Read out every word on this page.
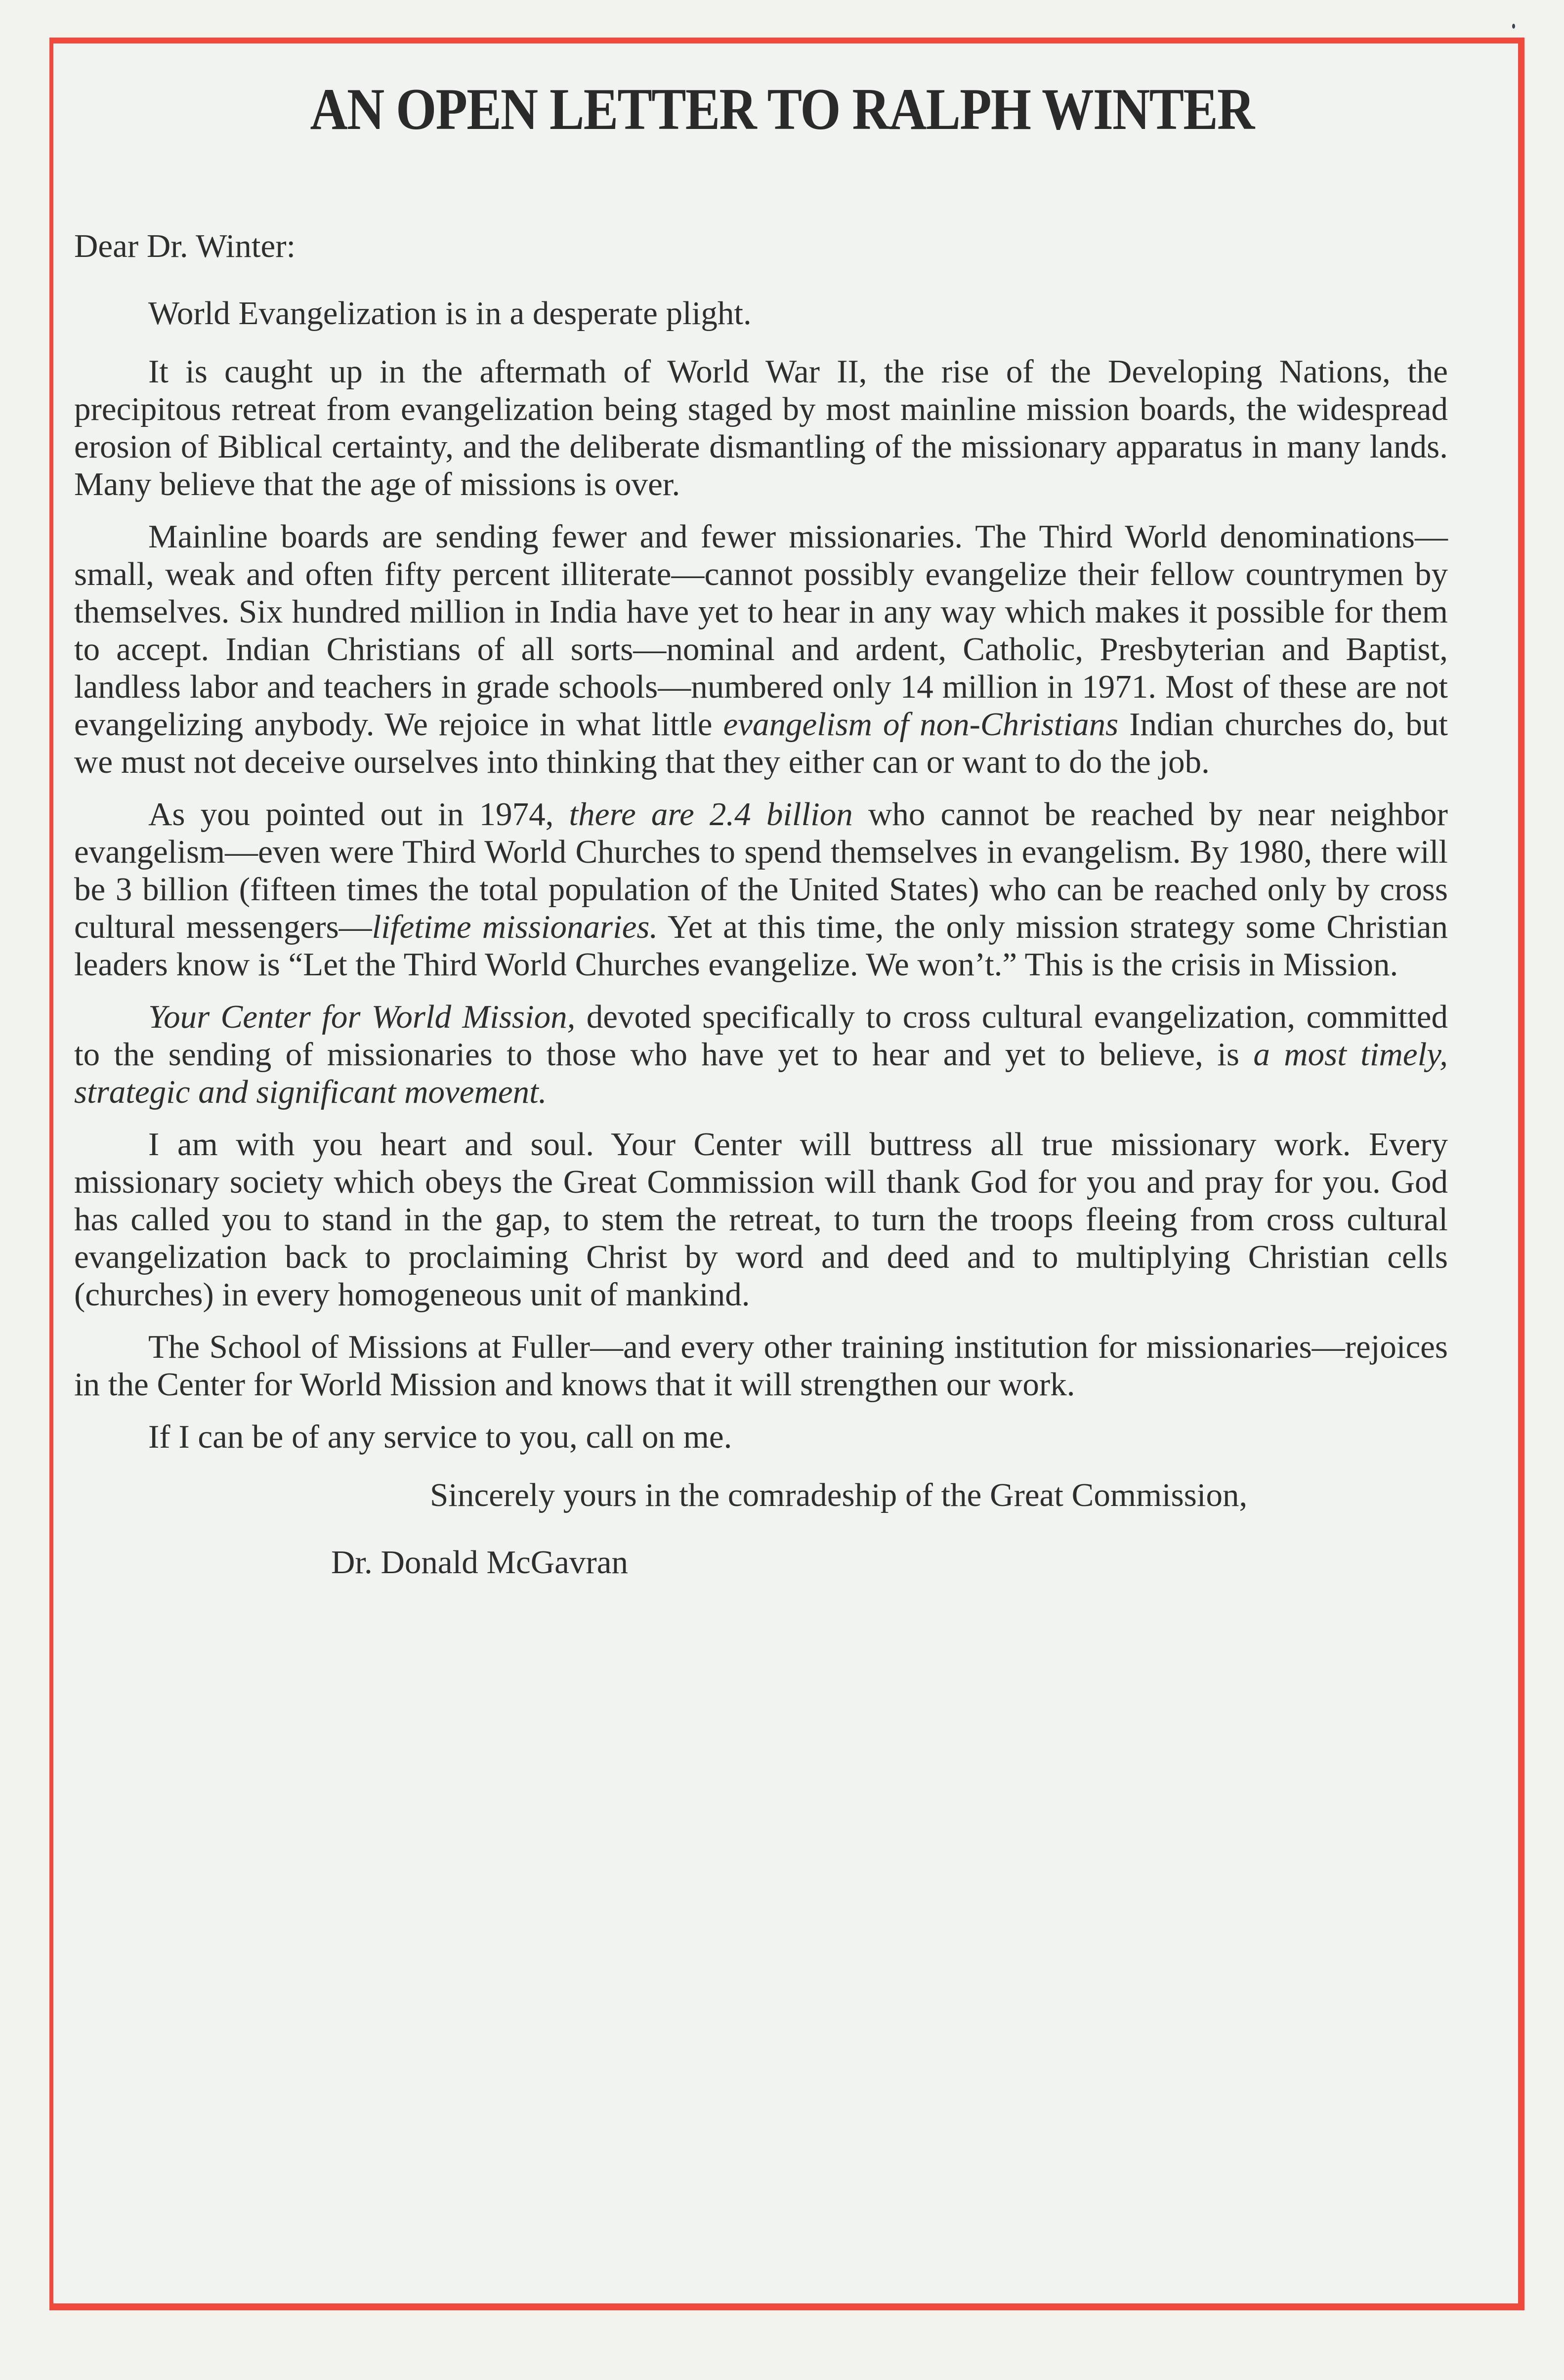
AN OPEN LETTER TO RALPH WINTER

Dear Dr. Winter:

World Evangelization is in a desperate plight.

It is caught up in the aftermath of World War II, the rise of the Developing Nations, the precipitous retreat from evangelization being staged by most mainline mission boards, the widespread erosion of Biblical certainty, and the deliberate dismantling of the missionary apparatus in many lands. Many believe that the age of missions is over.

Mainline boards are sending fewer and fewer missionaries. The Third World denominations—small, weak and often fifty percent illiterate—cannot possibly evangelize their fellow countrymen by themselves. Six hundred million in India have yet to hear in any way which makes it possible for them to accept. Indian Christians of all sorts—nominal and ardent, Catholic, Presbyterian and Baptist, landless labor and teachers in grade schools—numbered only 14 million in 1971. Most of these are not evangelizing anybody. We rejoice in what little evangelism of non-Christians Indian churches do, but we must not deceive ourselves into thinking that they either can or want to do the job.

As you pointed out in 1974, there are 2.4 billion who cannot be reached by near neighbor evangelism—even were Third World Churches to spend themselves in evangelism. By 1980, there will be 3 billion (fifteen times the total population of the United States) who can be reached only by cross cultural messengers—lifetime missionaries. Yet at this time, the only mission strategy some Christian leaders know is “Let the Third World Churches evangelize. We won’t.” This is the crisis in Mission.

Your Center for World Mission, devoted specifically to cross cultural evangelization, committed to the sending of missionaries to those who have yet to hear and yet to believe, is a most timely, strategic and significant movement.

I am with you heart and soul. Your Center will buttress all true missionary work. Every missionary society which obeys the Great Commission will thank God for you and pray for you. God has called you to stand in the gap, to stem the retreat, to turn the troops fleeing from cross cultural evangelization back to proclaiming Christ by word and deed and to multiplying Christian cells (churches) in every homogeneous unit of mankind.

The School of Missions at Fuller—and every other training institution for missionaries—rejoices in the Center for World Mission and knows that it will strengthen our work.

If I can be of any service to you, call on me.

Sincerely yours in the comradeship of the Great Commission,

Dr. Donald McGavran
